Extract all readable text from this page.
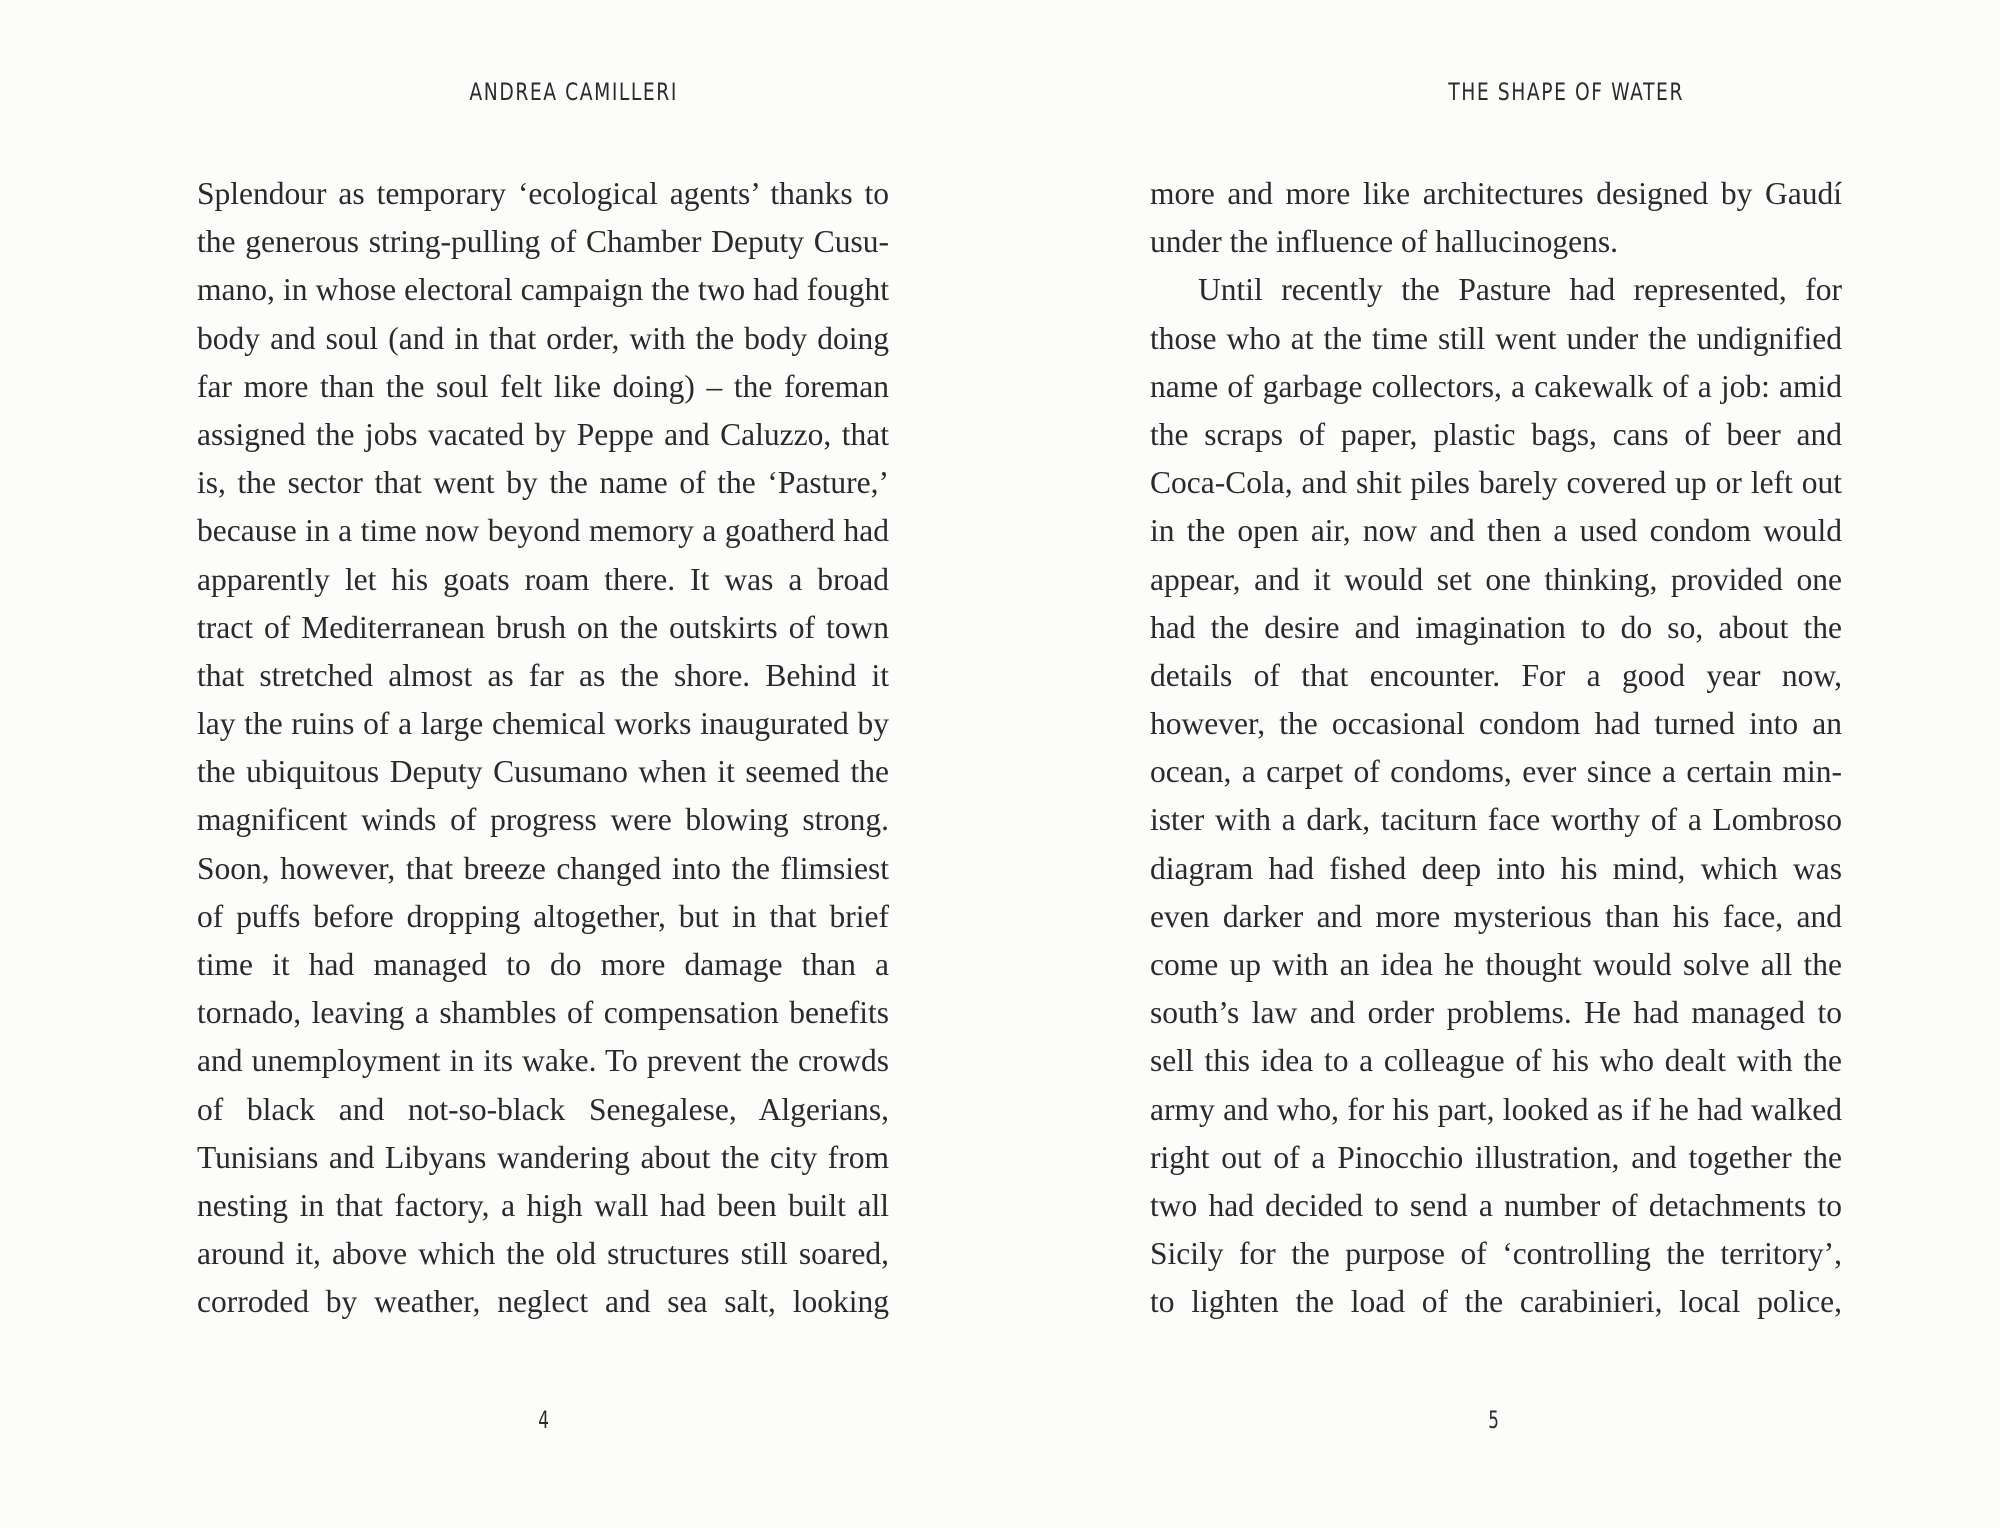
ANDREA CAMILLERI
Splendour as temporary ‘ecological agents’ thanks to
the generous string-pulling of Chamber Deputy Cusu-
mano, in whose electoral campaign the two had fought
body and soul (and in that order, with the body doing
far more than the soul felt like doing) – the foreman
assigned the jobs vacated by Peppe and Caluzzo, that
is, the sector that went by the name of the ‘Pasture,’
because in a time now beyond memory a goatherd had
apparently let his goats roam there. It was a broad
tract of Mediterranean brush on the outskirts of town
that stretched almost as far as the shore. Behind it
lay the ruins of a large chemical works inaugurated by
the ubiquitous Deputy Cusumano when it seemed the
magnificent winds of progress were blowing strong.
Soon, however, that breeze changed into the flimsiest
of puffs before dropping altogether, but in that brief
time it had managed to do more damage than a
tornado, leaving a shambles of compensation benefits
and unemployment in its wake. To prevent the crowds
of black and not-so-black Senegalese, Algerians,
Tunisians and Libyans wandering about the city from
nesting in that factory, a high wall had been built all
around it, above which the old structures still soared,
corroded by weather, neglect and sea salt, looking
4
THE SHAPE OF WATER
more and more like architectures designed by Gaudí
under the influence of hallucinogens.
Until recently the Pasture had represented, for
those who at the time still went under the undignified
name of garbage collectors, a cakewalk of a job: amid
the scraps of paper, plastic bags, cans of beer and
Coca-Cola, and shit piles barely covered up or left out
in the open air, now and then a used condom would
appear, and it would set one thinking, provided one
had the desire and imagination to do so, about the
details of that encounter. For a good year now,
however, the occasional condom had turned into an
ocean, a carpet of condoms, ever since a certain min-
ister with a dark, taciturn face worthy of a Lombroso
diagram had fished deep into his mind, which was
even darker and more mysterious than his face, and
come up with an idea he thought would solve all the
south’s law and order problems. He had managed to
sell this idea to a colleague of his who dealt with the
army and who, for his part, looked as if he had walked
right out of a Pinocchio illustration, and together the
two had decided to send a number of detachments to
Sicily for the purpose of ‘controlling the territory’,
to lighten the load of the carabinieri, local police,
5
